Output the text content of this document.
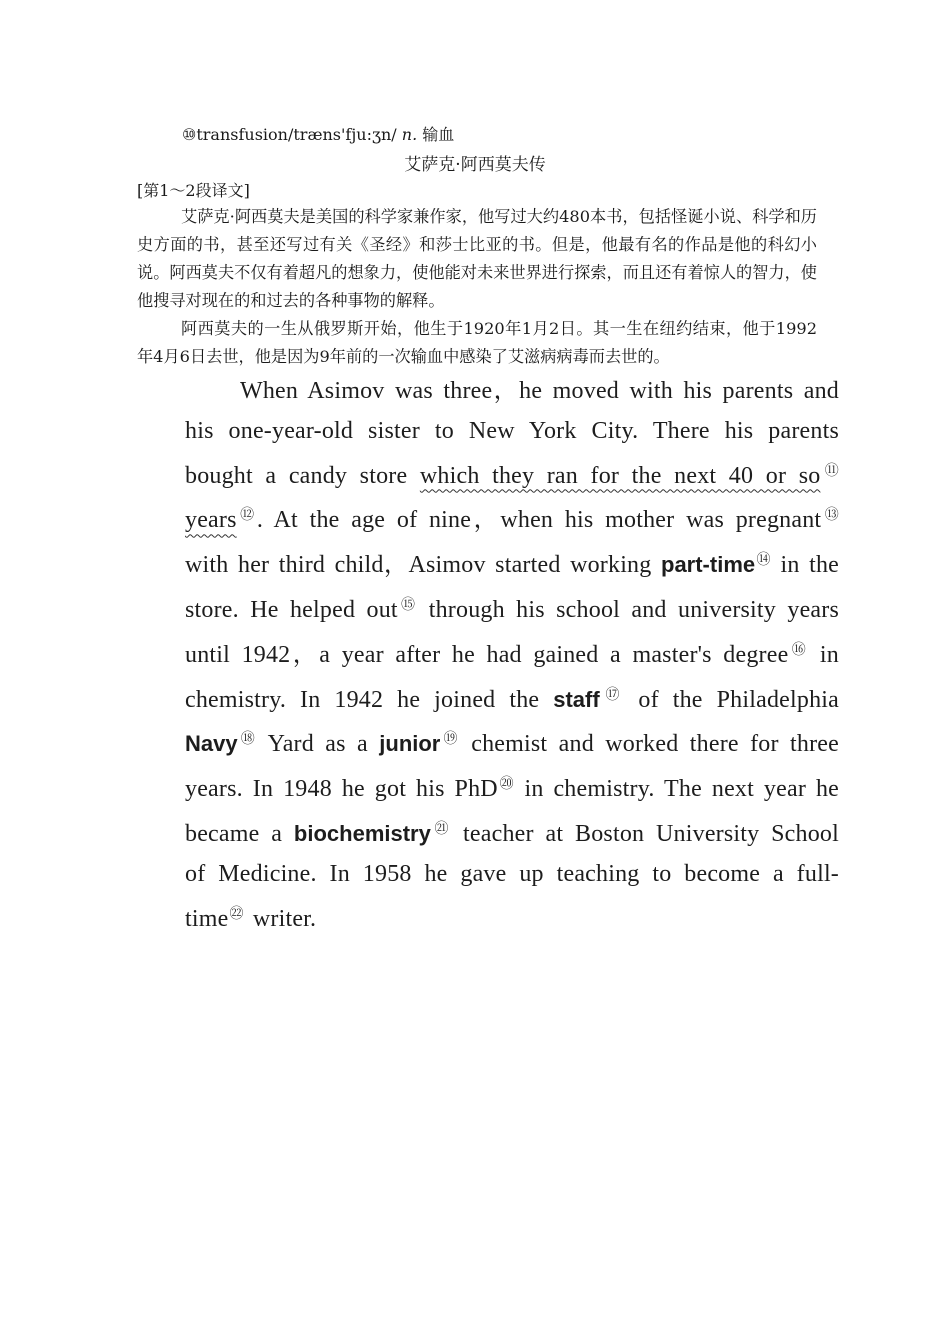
⑩transfusion/træns'fju:ʒn/ n. 输血
艾萨克·阿西莫夫传
[第1～2段译文]

艾萨克·阿西莫夫是美国的科学家兼作家，他写过大约480本书，包括怪诞小说、科学和历史方面的书，甚至还写过有关《圣经》和莎士比亚的书。但是，他最有名的作品是他的科幻小说。阿西莫夫不仅有着超凡的想象力，使他能对未来世界进行探索，而且还有着惊人的智力，使他搜寻对现在的和过去的各种事物的解释。

阿西莫夫的一生从俄罗斯开始，他生于1920年1月2日。其一生在纽约结束，他于1992年4月6日去世，他是因为9年前的一次输血中感染了艾滋病病毒而去世的。

When Asimov was three，he moved with his parents and his one-year-old sister to New York City. There his parents bought a candy store which they ran for the next 40 or so⑪ years⑫. At the age of nine，when his mother was pregnant⑬ with her third child，Asimov started working part-time⑭ in the store. He helped out⑮ through his school and university years until 1942，a year after he had gained a master's degree⑯ in chemistry. In 1942 he joined the staff⑰ of the Philadelphia Navy⑱ Yard as a junior⑲ chemist and worked there for three years. In 1948 he got his PhD⑳ in chemistry. The next year he became a biochemistry$^㉑$ teacher at Boston University School of Medicine. In 1958 he gave up teaching to become a full-time$^㉒$ writer.
